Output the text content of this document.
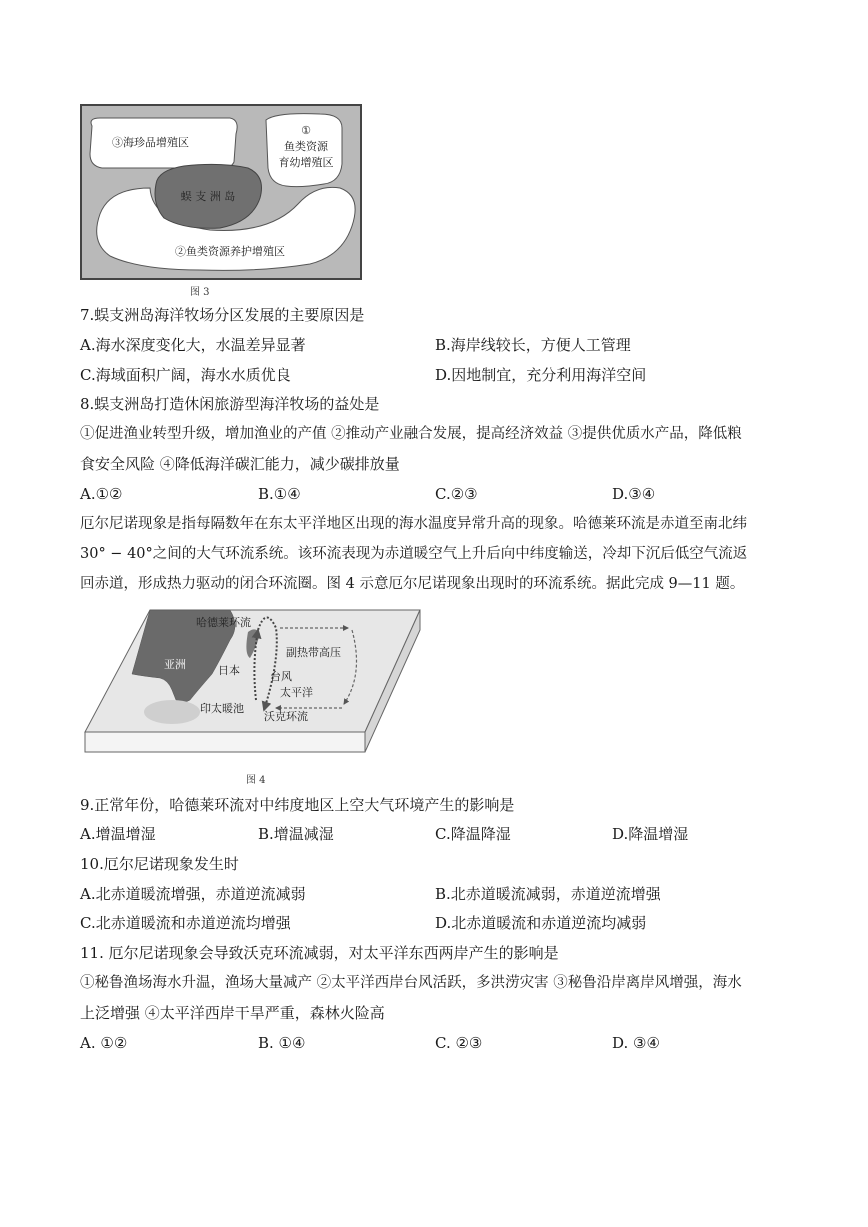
③海珍品增殖区
①
鱼类资源
育幼增殖区
蜈 支 洲 岛
②鱼类资源养护增殖区
图 3
7.蜈支洲岛海洋牧场分区发展的主要原因是
A.海水深度变化大，水温差异显著	B.海岸线较长，方便人工管理
C.海域面积广阔，海水水质优良	D.因地制宜，充分利用海洋空间
8.蜈支洲岛打造休闲旅游型海洋牧场的益处是
①促进渔业转型升级，增加渔业的产值 ②推动产业融合发展，提高经济效益 ③提供优质水产品，降低粮
食安全风险 ④降低海洋碳汇能力，减少碳排放量
A.①②	B.①④	C.②③	D.③④
厄尔尼诺现象是指每隔数年在东太平洋地区出现的海水温度异常升高的现象。哈德莱环流是赤道至南北纬
30° − 40°之间的大气环流系统。该环流表现为赤道暖空气上升后向中纬度输送，冷却下沉后低空气流返
回赤道，形成热力驱动的闭合环流圈。图 4 示意厄尔尼诺现象出现时的环流系统。据此完成 9—11 题。
哈德莱环流
副热带高压
亚洲	日本	台风
太平洋
印太暖池
沃克环流
图 4
9.正常年份，哈德莱环流对中纬度地区上空大气环境产生的影响是
A.增温增湿	B.增温减湿	C.降温降湿	D.降温增湿
10.厄尔尼诺现象发生时
A.北赤道暖流增强，赤道逆流减弱	B.北赤道暖流减弱，赤道逆流增强
C.北赤道暖流和赤道逆流均增强	D.北赤道暖流和赤道逆流均减弱
11. 厄尔尼诺现象会导致沃克环流减弱，对太平洋东西两岸产生的影响是
①秘鲁渔场海水升温，渔场大量减产 ②太平洋西岸台风活跃，多洪涝灾害 ③秘鲁沿岸离岸风增强，海水
上泛增强 ④太平洋西岸干旱严重，森林火险高
A. ①②	B. ①④	C. ②③	D. ③④
